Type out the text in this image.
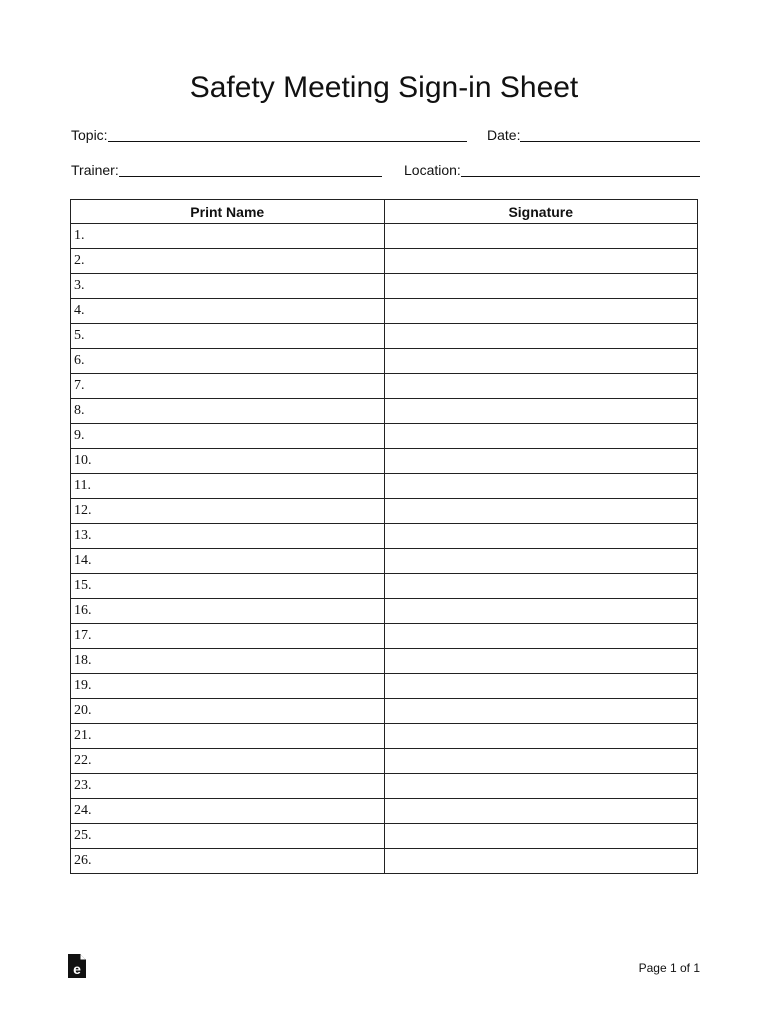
Safety Meeting Sign-in Sheet
Topic:	Date:
Trainer:	Location:
Print Name	Signature
1.	
2.	
3.	
4.	
5.	
6.	
7.	
8.	
9.	
10.	
11.	
12.	
13.	
14.	
15.	
16.	
17.	
18.	
19.	
20.	
21.	
22.	
23.	
24.	
25.	
26.	
e	Page 1 of 1
